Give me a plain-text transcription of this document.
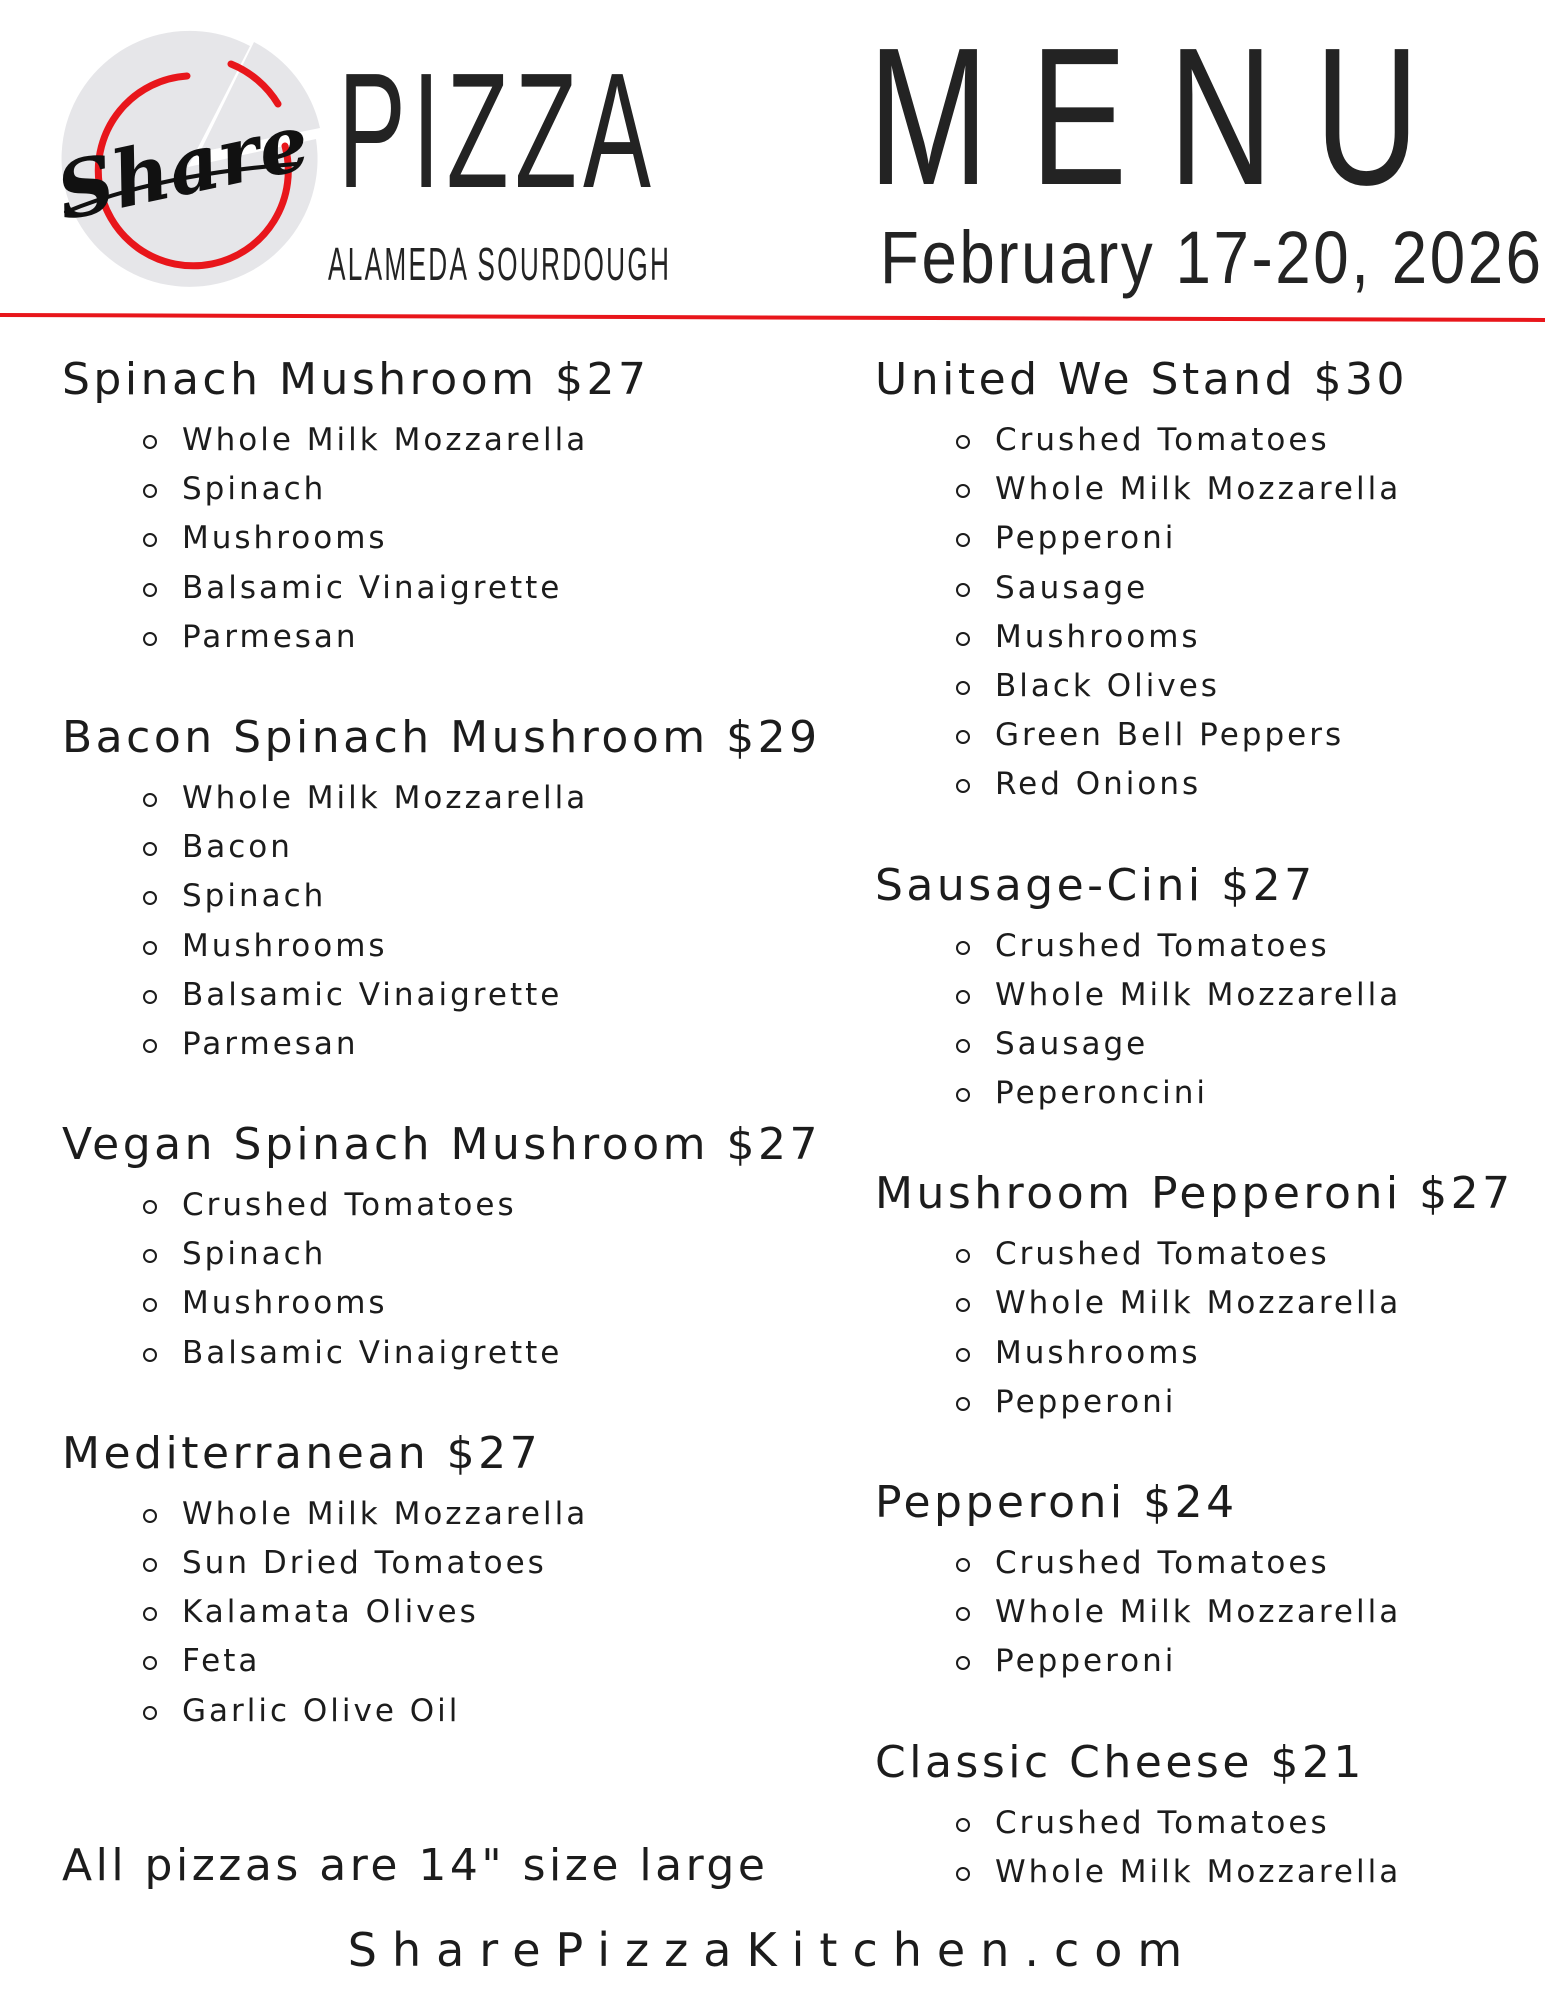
Share PIZZA
ALAMEDA SOURDOUGH
MENU
February 17-20, 2026
Spinach Mushroom $27
Whole Milk Mozzarella
Spinach
Mushrooms
Balsamic Vinaigrette
Parmesan
Bacon Spinach Mushroom $29
Whole Milk Mozzarella
Bacon
Spinach
Mushrooms
Balsamic Vinaigrette
Parmesan
Vegan Spinach Mushroom $27
Crushed Tomatoes
Spinach
Mushrooms
Balsamic Vinaigrette
Mediterranean $27
Whole Milk Mozzarella
Sun Dried Tomatoes
Kalamata Olives
Feta
Garlic Olive Oil
United We Stand $30
Crushed Tomatoes
Whole Milk Mozzarella
Pepperoni
Sausage
Mushrooms
Black Olives
Green Bell Peppers
Red Onions
Sausage-Cini $27
Crushed Tomatoes
Whole Milk Mozzarella
Sausage
Peperoncini
Mushroom Pepperoni $27
Crushed Tomatoes
Whole Milk Mozzarella
Mushrooms
Pepperoni
Pepperoni $24
Crushed Tomatoes
Whole Milk Mozzarella
Pepperoni
Classic Cheese $21
Crushed Tomatoes
Whole Milk Mozzarella
All pizzas are 14" size large
SharePizzaKitchen.com
